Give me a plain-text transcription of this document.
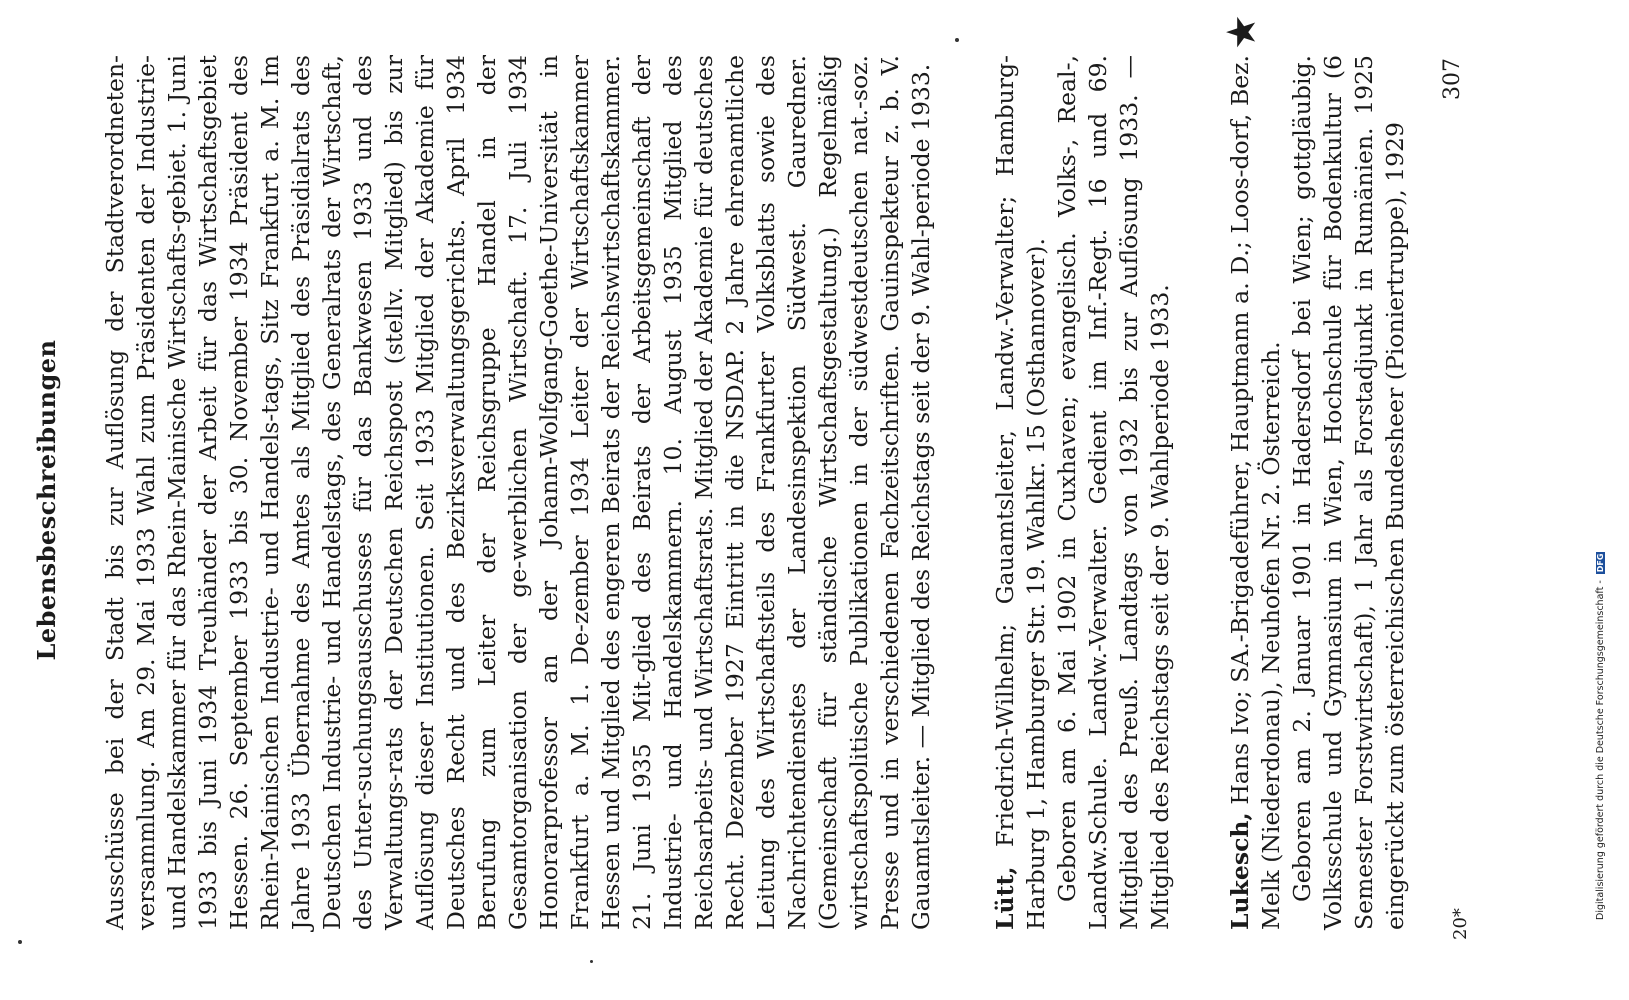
Lebensbeschreibungen Ausschüsse bei der Stadt bis zur Auflösung der Stadtverordneten-versammlung. Am 29. Mai 1933 Wahl zum Präsidenten der Industrie- und Handelskammer für das Rhein-Mainische Wirtschafts-gebiet. 1. Juni 1933 bis Juni 1934 Treuhänder der Arbeit für das Wirtschaftsgebiet Hessen. 26. September 1933 bis 30. November 1934 Präsident des Rhein-Mainischen Industrie- und Handels-tags, Sitz Frankfurt a. M. Im Jahre 1933 Übernahme des Amtes als Mitglied des Präsidialrats des Deutschen Industrie- und Handelstags, des Generalrats der Wirtschaft, des Unter-suchungsausschusses für das Bankwesen 1933 und des Verwaltungs-rats der Deutschen Reichspost (stellv. Mitglied) bis zur Auflösung dieser Institutionen. Seit 1933 Mitglied der Akademie für Deutsches Recht und des Bezirksverwaltungsgerichts. April 1934 Berufung zum Leiter der Reichsgruppe Handel in der Gesamtorganisation der ge-werblichen Wirtschaft. 17. Juli 1934 Honorarprofessor an der Johann-Wolfgang-Goethe-Universität in Frankfurt a. M. 1. De-zember 1934 Leiter der Wirtschaftskammer Hessen und Mitglied des engeren Beirats der Reichswirtschaftskammer. 21. Juni 1935 Mit-glied des Beirats der Arbeitsgemeinschaft der Industrie- und Handelskammern. 10. August 1935 Mitglied des Reichsarbeits- und Wirtschaftsrats. Mitglied der Akademie für deutsches Recht. Dezember 1927 Eintritt in die NSDAP. 2 Jahre ehrenamtliche Leitung des Wirtschaftsteils des Frankfurter Volksblatts sowie des Nachrichtendienstes der Landesinspektion Südwest. Gauredner. (Gemeinschaft für ständische Wirtschaftsgestaltung.) Regelmäßig wirtschaftspolitische Publikationen in der südwestdeutschen nat.-soz. Presse und in verschiedenen Fachzeitschriften. Gauinspekteur z. b. V. Gauamtsleiter. — Mitglied des Reichstags seit der 9. Wahl-periode 1933. Lütt, Friedrich-Wilhelm; Gauamtsleiter, Landw.-Verwalter; Hamburg-Harburg 1, Hamburger Str. 19. Wahlkr. 15 (Osthannover). Geboren am 6. Mai 1902 in Cuxhaven; evangelisch. Volks-, Real-, Landw.Schule. Landw.-Verwalter. Gedient im Inf.-Regt. 16 und 69. Mitglied des Preuß. Landtags von 1932 bis zur Auflösung 1933. — Mitglied des Reichstags seit der 9. Wahlperiode 1933. Lukesch, Hans Ivo; SA.-Brigadeführer, Hauptmann a. D.; Loos-dorf, Bez. Melk (Niederdonau), Neuhofen Nr. 2. Österreich. Geboren am 2. Januar 1901 in Hadersdorf bei Wien; gottgläubig. Volksschule und Gymnasium in Wien, Hochschule für Bodenkultur (6 Semester Forstwirtschaft), 1 Jahr als Forstadjunkt in Rumänien. 1925 eingerückt zum österreichischen Bundesheer (Pioniertruppe), 1929 20*
307
★
Digitalisierung gefördert durch die Deutsche Forschungsgemeinschaft - DFG
